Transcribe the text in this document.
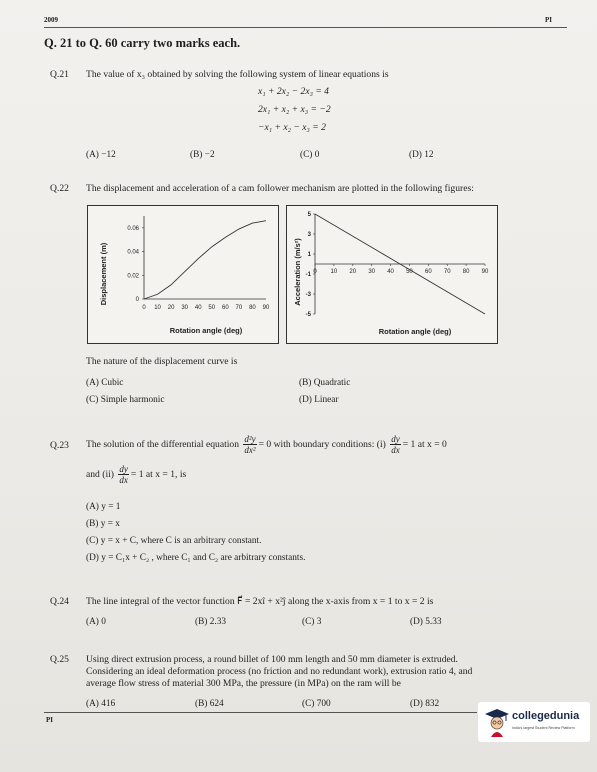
2009	PI
Q. 21 to Q. 60 carry two marks each.
Q.21 The value of x₃ obtained by solving the following system of linear equations is
x₁ + 2x₂ − 2x₃ = 4
2x₁ + x₂ + x₃ = −2
−x₁ + x₂ − x₃ = 2
(A) −12	(B) −2	(C) 0	(D) 12
Q.22 The displacement and acceleration of a cam follower mechanism are plotted in the following figures:
Displacement (m)
Rotation angle (deg)
0 10 20 30 40 50 60 70 80 90
0
0.02
0.04
0.06
Acceleration (m/s²)
Rotation angle (deg)
0 10 20 30 40 50 60 70 80 90
5
3
1
-1
-3
-5
The nature of the displacement curve is
(A) Cubic	(B) Quadratic
(C) Simple harmonic	(D) Linear
Q.23 The solution of the differential equation $\frac{\text{d²y}}{\text{dx²}} = 0$ with boundary conditions: $(i) \frac{dy}{dx} = 1$ at x = 0
and $(ii) \frac{dy}{dx} = 1$ at x = 1, is
(A) y = 1
(B) y = x
(C) y = x + C, where C is an arbitrary constant.
(D) y = C₁x + C₂ , where C₁ and C₂ are arbitrary constants.
Q.24 The line integral of the vector function F⃗ = 2xî + x²ĵ along the x-axis from x = 1 to x = 2 is
(A) 0	(B) 2.33	(C) 3	(D) 5.33
Q.25 Using direct extrusion process, a round billet of 100 mm length and 50 mm diameter is extruded.
Considering an ideal deformation process (no friction and no redundant work), extrusion ratio 4, and
average flow stress of material 300 MPa, the pressure (in MPa) on the ram will be
(A) 416	(B) 624	(C) 700	(D) 832
PI	collegedunia
India's largest Student Review Platform
